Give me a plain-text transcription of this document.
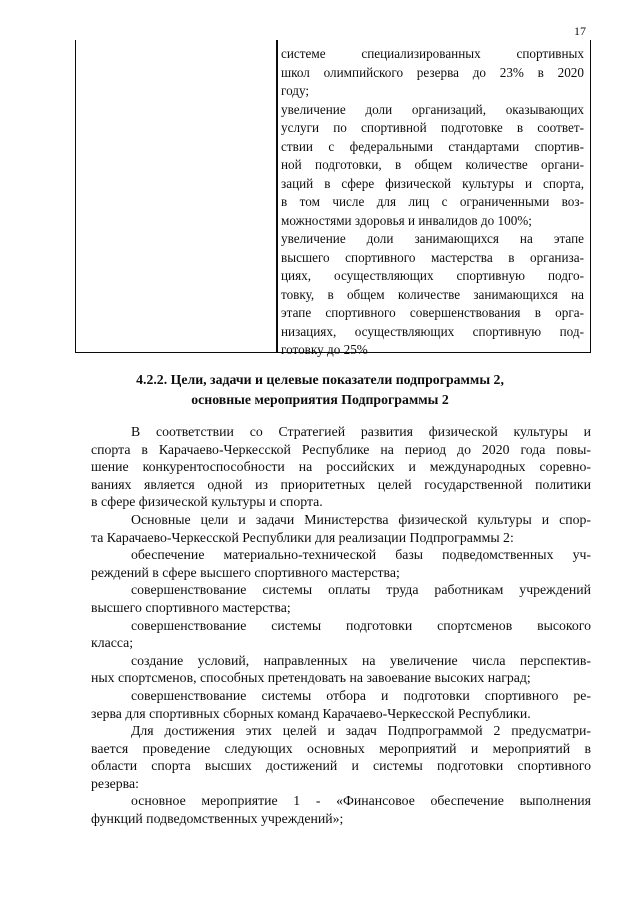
17
системе специализированных спортивных
школ олимпийского резерва до 23% в 2020
году;
увеличение доли организаций, оказывающих
услуги по спортивной подготовке в соответ-
ствии с федеральными стандартами спортив-
ной подготовки, в общем количестве органи-
заций в сфере физической культуры и спорта,
в том числе для лиц с ограниченными воз-
можностями здоровья и инвалидов до 100%;
увеличение доли занимающихся на этапе
высшего спортивного мастерства в организа-
циях, осуществляющих спортивную подго-
товку, в общем количестве занимающихся на
этапе спортивного совершенствования в орга-
низациях, осуществляющих спортивную под-
готовку до 25%
4.2.2. Цели, задачи и целевые показатели подпрограммы 2,
основные мероприятия Подпрограммы 2
В соответствии со Стратегией развития физической культуры и
спорта в Карачаево-Черкесской Республике на период до 2020 года повы-
шение конкурентоспособности на российских и международных соревно-
ваниях является одной из приоритетных целей государственной политики
в сфере физической культуры и спорта.
Основные цели и задачи Министерства физической культуры и спор-
та Карачаево-Черкесской Республики для реализации Подпрограммы 2:
обеспечение материально-технической базы подведомственных уч-
реждений в сфере высшего спортивного мастерства;
совершенствование системы оплаты труда работникам учреждений
высшего спортивного мастерства;
совершенствование системы подготовки спортсменов высокого
класса;
создание условий, направленных на увеличение числа перспектив-
ных спортсменов, способных претендовать на завоевание высоких наград;
совершенствование системы отбора и подготовки спортивного ре-
зерва для спортивных сборных команд Карачаево-Черкесской Республики.
Для достижения этих целей и задач Подпрограммой 2 предусматри-
вается проведение следующих основных мероприятий и мероприятий в
области спорта высших достижений и системы подготовки спортивного
резерва:
основное мероприятие 1 - «Финансовое обеспечение выполнения
функций подведомственных учреждений»;
